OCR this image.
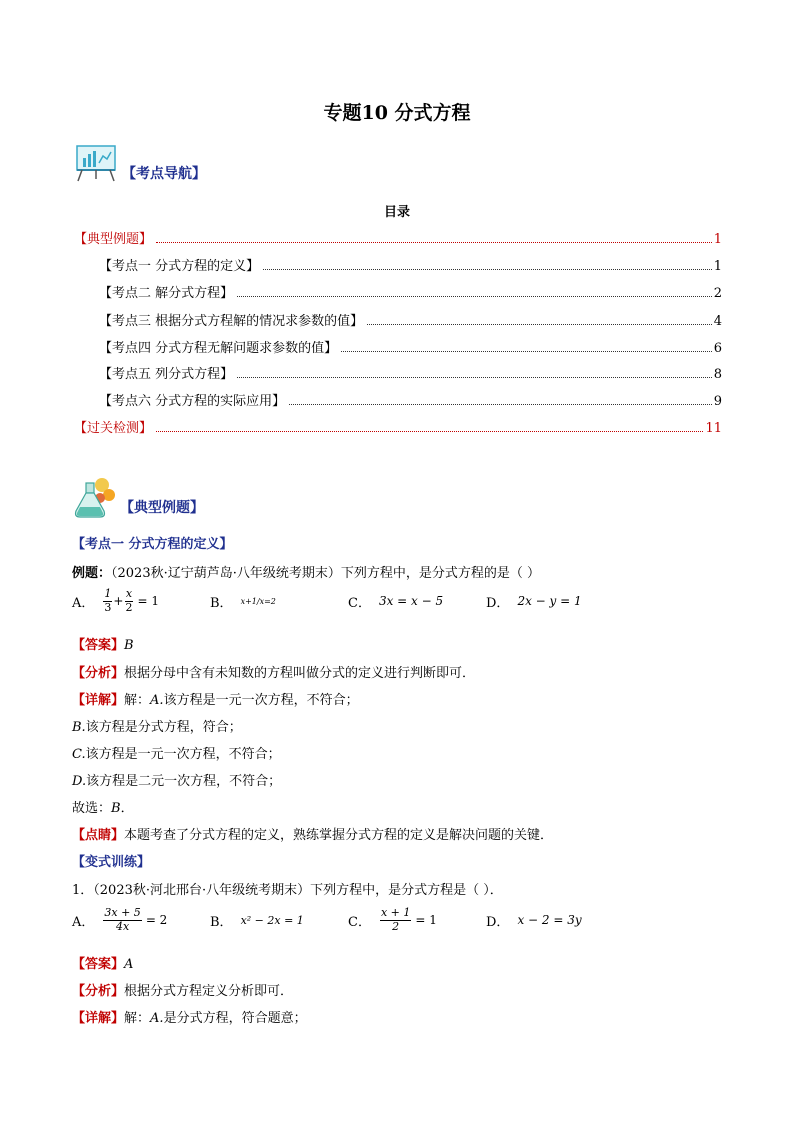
专题10 分式方程
【考点导航】
目录
【典型例题】	1
【考点一 分式方程的定义】	1
【考点二 解分式方程】	2
【考点三 根据分式方程解的情况求参数的值】	4
【考点四 分式方程无解问题求参数的值】	6
【考点五 列分式方程】	8
【考点六 分式方程的实际应用】	9
【过关检测】	11
【典型例题】
【考点一 分式方程的定义】
例题：（2023秋·辽宁葫芦岛·八年级统考期末）下列方程中，是分式方程的是（ ）
A． $\frac{1}{3} + \frac{x}{2} = 1$	B． x+1/x=2	C． 3x = x − 5	D． 2x − y = 1
【答案】B
【分析】根据分母中含有未知数的方程叫做分式的定义进行判断即可．
【详解】解：A.该方程是一元一次方程，不符合；
B.该方程是分式方程，符合；
C.该方程是一元一次方程，不符合；
D.该方程是二元一次方程，不符合；
故选：B．
【点睛】本题考查了分式方程的定义，熟练掌握分式方程的定义是解决问题的关键．
【变式训练】
1．（2023秋·河北邢台·八年级统考期末）下列方程中，是分式方程是（ ）．
A． $\frac{3x + 5}{4x} = 2$	B． x² − 2x = 1	C． $\frac{x + 1}{2} = 1$	D． x − 2 = 3y
【答案】A
【分析】根据分式方程定义分析即可．
【详解】解：A.是分式方程，符合题意；
